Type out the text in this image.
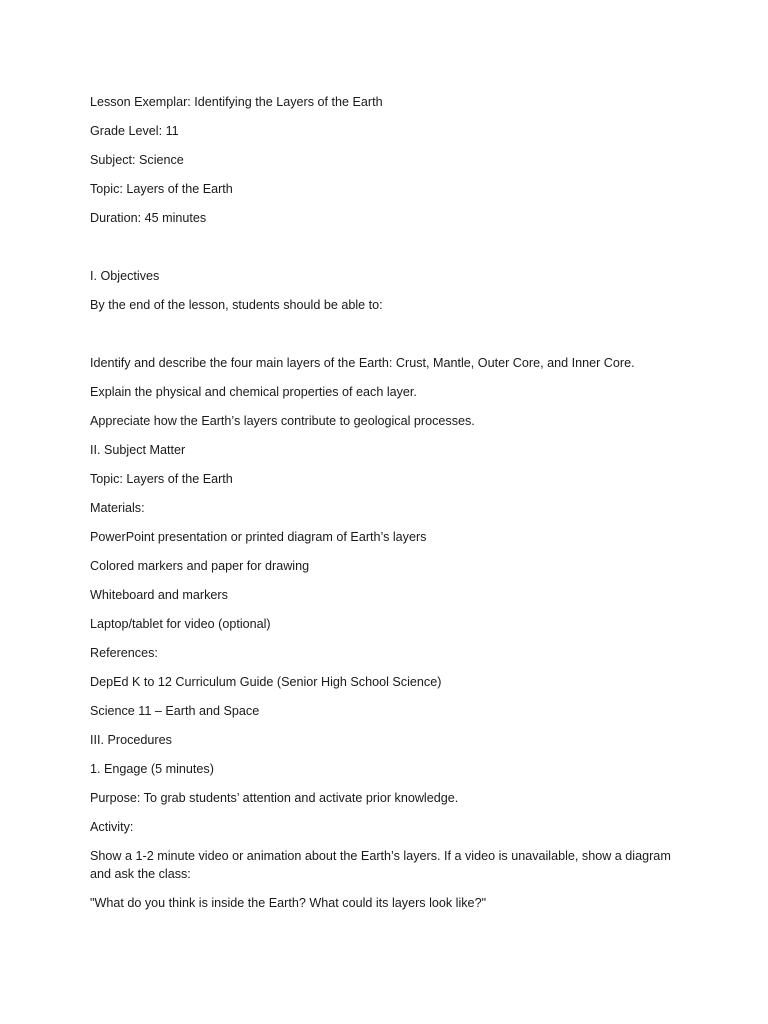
Lesson Exemplar: Identifying the Layers of the Earth

Grade Level: 11

Subject: Science

Topic: Layers of the Earth

Duration: 45 minutes

I. Objectives

By the end of the lesson, students should be able to:

Identify and describe the four main layers of the Earth: Crust, Mantle, Outer Core, and Inner Core.

Explain the physical and chemical properties of each layer.

Appreciate how the Earth’s layers contribute to geological processes.

II. Subject Matter

Topic: Layers of the Earth

Materials:

PowerPoint presentation or printed diagram of Earth’s layers

Colored markers and paper for drawing

Whiteboard and markers

Laptop/tablet for video (optional)

References:

DepEd K to 12 Curriculum Guide (Senior High School Science)

Science 11 – Earth and Space

III. Procedures

1. Engage (5 minutes)

Purpose: To grab students’ attention and activate prior knowledge.

Activity:

Show a 1-2 minute video or animation about the Earth’s layers. If a video is unavailable, show a diagram and ask the class:

"What do you think is inside the Earth? What could its layers look like?"
